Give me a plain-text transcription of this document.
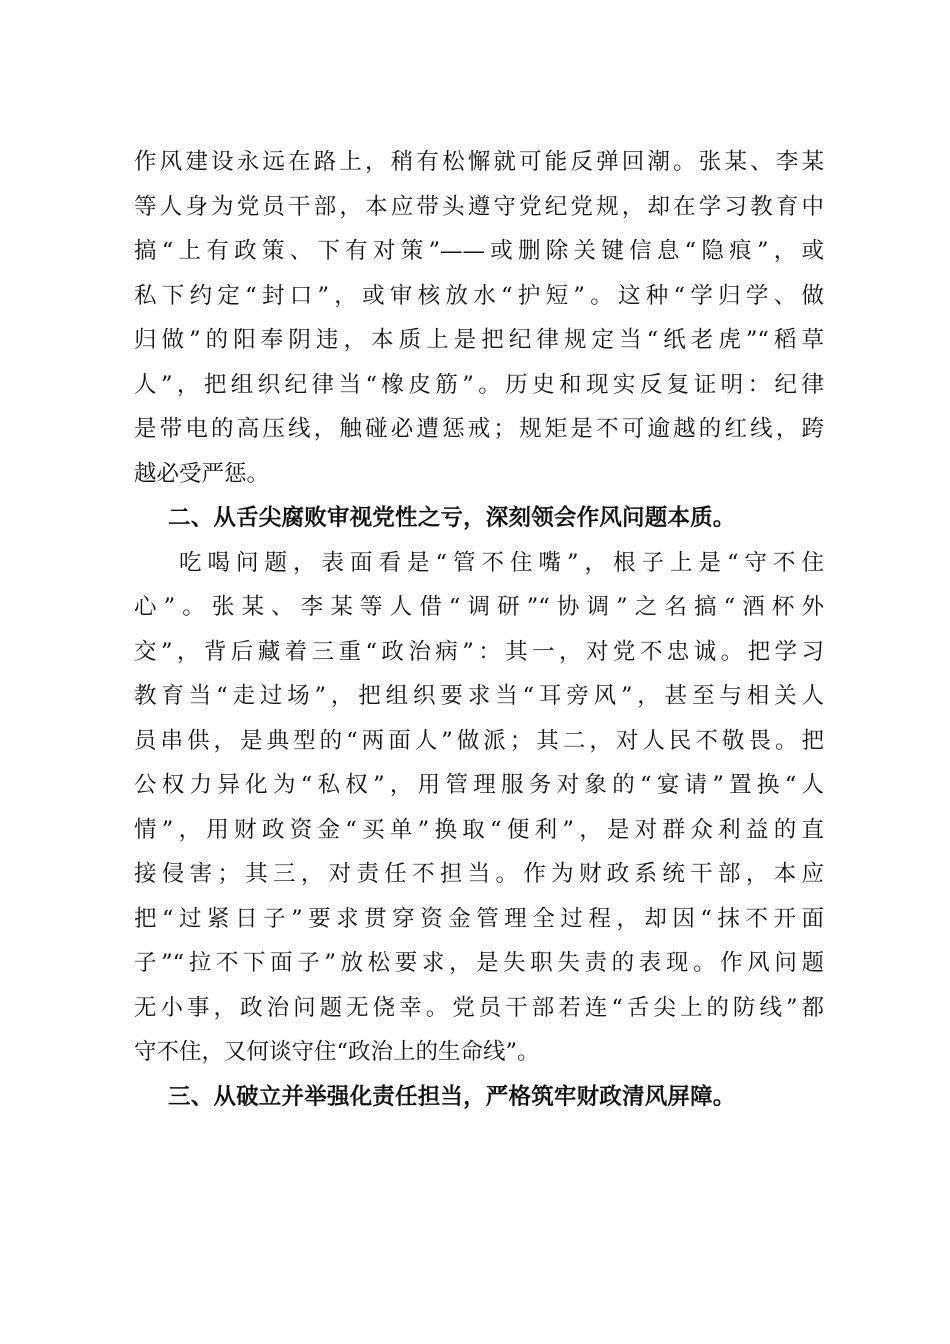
作风建设永远在路上，稍有松懈就可能反弹回潮。张某、李某
等人身为党员干部，本应带头遵守党纪党规，却在学习教育中
搞“上有政策、下有对策”——或删除关键信息“隐痕”，或
私下约定“封口”，或审核放水“护短”。这种“学归学、做
归做”的阳奉阴违，本质上是把纪律规定当“纸老虎”“稻草
人”，把组织纪律当“橡皮筋”。历史和现实反复证明：纪律
是带电的高压线，触碰必遭惩戒；规矩是不可逾越的红线，跨
越必受严惩。
二、从舌尖腐败审视党性之亏，深刻领会作风问题本质。
吃喝问题，表面看是“管不住嘴”，根子上是“守不住
心”。张某、李某等人借“调研”“协调”之名搞“酒杯外
交”，背后藏着三重“政治病”：其一，对党不忠诚。把学习
教育当“走过场”，把组织要求当“耳旁风”，甚至与相关人
员串供，是典型的“两面人”做派；其二，对人民不敬畏。把
公权力异化为“私权”，用管理服务对象的“宴请”置换“人
情”，用财政资金“买单”换取“便利”，是对群众利益的直
接侵害；其三，对责任不担当。作为财政系统干部，本应
把“过紧日子”要求贯穿资金管理全过程，却因“抹不开面
子”“拉不下面子”放松要求，是失职失责的表现。作风问题
无小事，政治问题无侥幸。党员干部若连“舌尖上的防线”都
守不住，又何谈守住“政治上的生命线”。
三、从破立并举强化责任担当，严格筑牢财政清风屏障。
